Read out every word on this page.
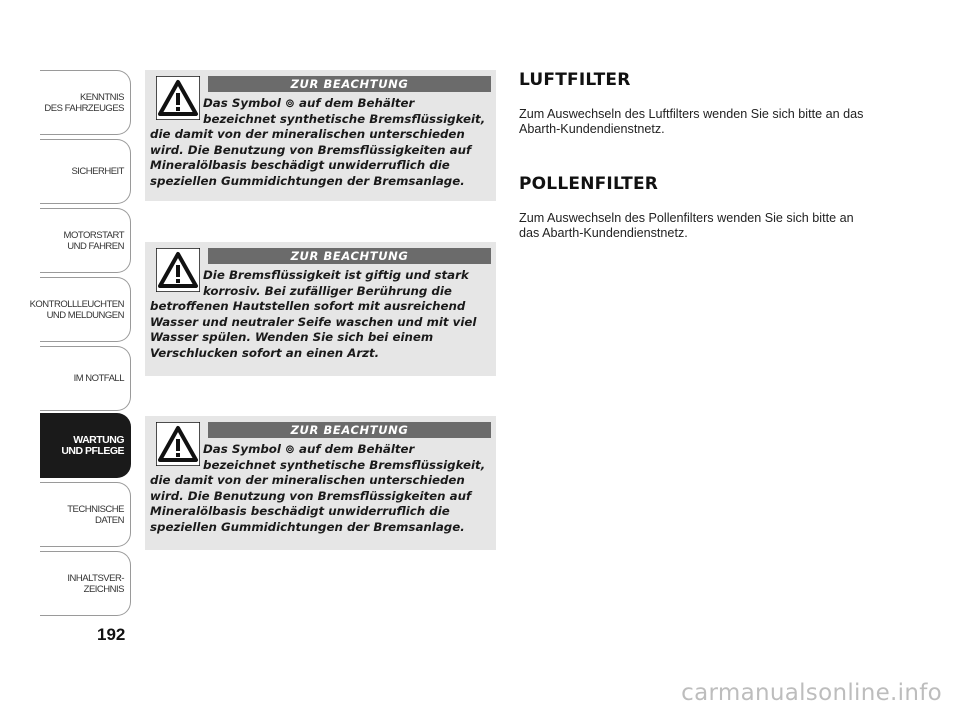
KENNTNIS
DES FAHRZEUGES
SICHERHEIT
MOTORSTART
UND FAHREN
KONTROLLLEUCHTEN
UND MELDUNGEN
IM NOTFALL
WARTUNG
UND PFLEGE
TECHNISCHE
DATEN
INHALTSVER-
ZEICHNIS
192
ZUR BEACHTUNG
Das Symbol ⊚ auf dem Behälter bezeichnet synthetische Bremsflüssigkeit,
die damit von der mineralischen unterschieden wird. Die Benutzung von Bremsflüssigkeiten auf Mineralölbasis beschädigt unwiderruflich die speziellen Gummidichtungen der Bremsanlage.
ZUR BEACHTUNG
Die Bremsflüssigkeit ist giftig und stark korrosiv. Bei zufälliger Berührung die
betroffenen Hautstellen sofort mit ausreichend Wasser und neutraler Seife waschen und mit viel Wasser spülen. Wenden Sie sich bei einem Verschlucken sofort an einen Arzt.
ZUR BEACHTUNG
Das Symbol ⊚ auf dem Behälter bezeichnet synthetische Bremsflüssigkeit,
die damit von der mineralischen unterschieden wird. Die Benutzung von Bremsflüssigkeiten auf Mineralölbasis beschädigt unwiderruflich die speziellen Gummidichtungen der Bremsanlage.
LUFTFILTER
Zum Auswechseln des Luftfilters wenden Sie sich bitte an das Abarth-Kundendienstnetz.
POLLENFILTER
Zum Auswechseln des Pollenfilters wenden Sie sich bitte an das Abarth-Kundendienstnetz.
carmanualsonline.info
